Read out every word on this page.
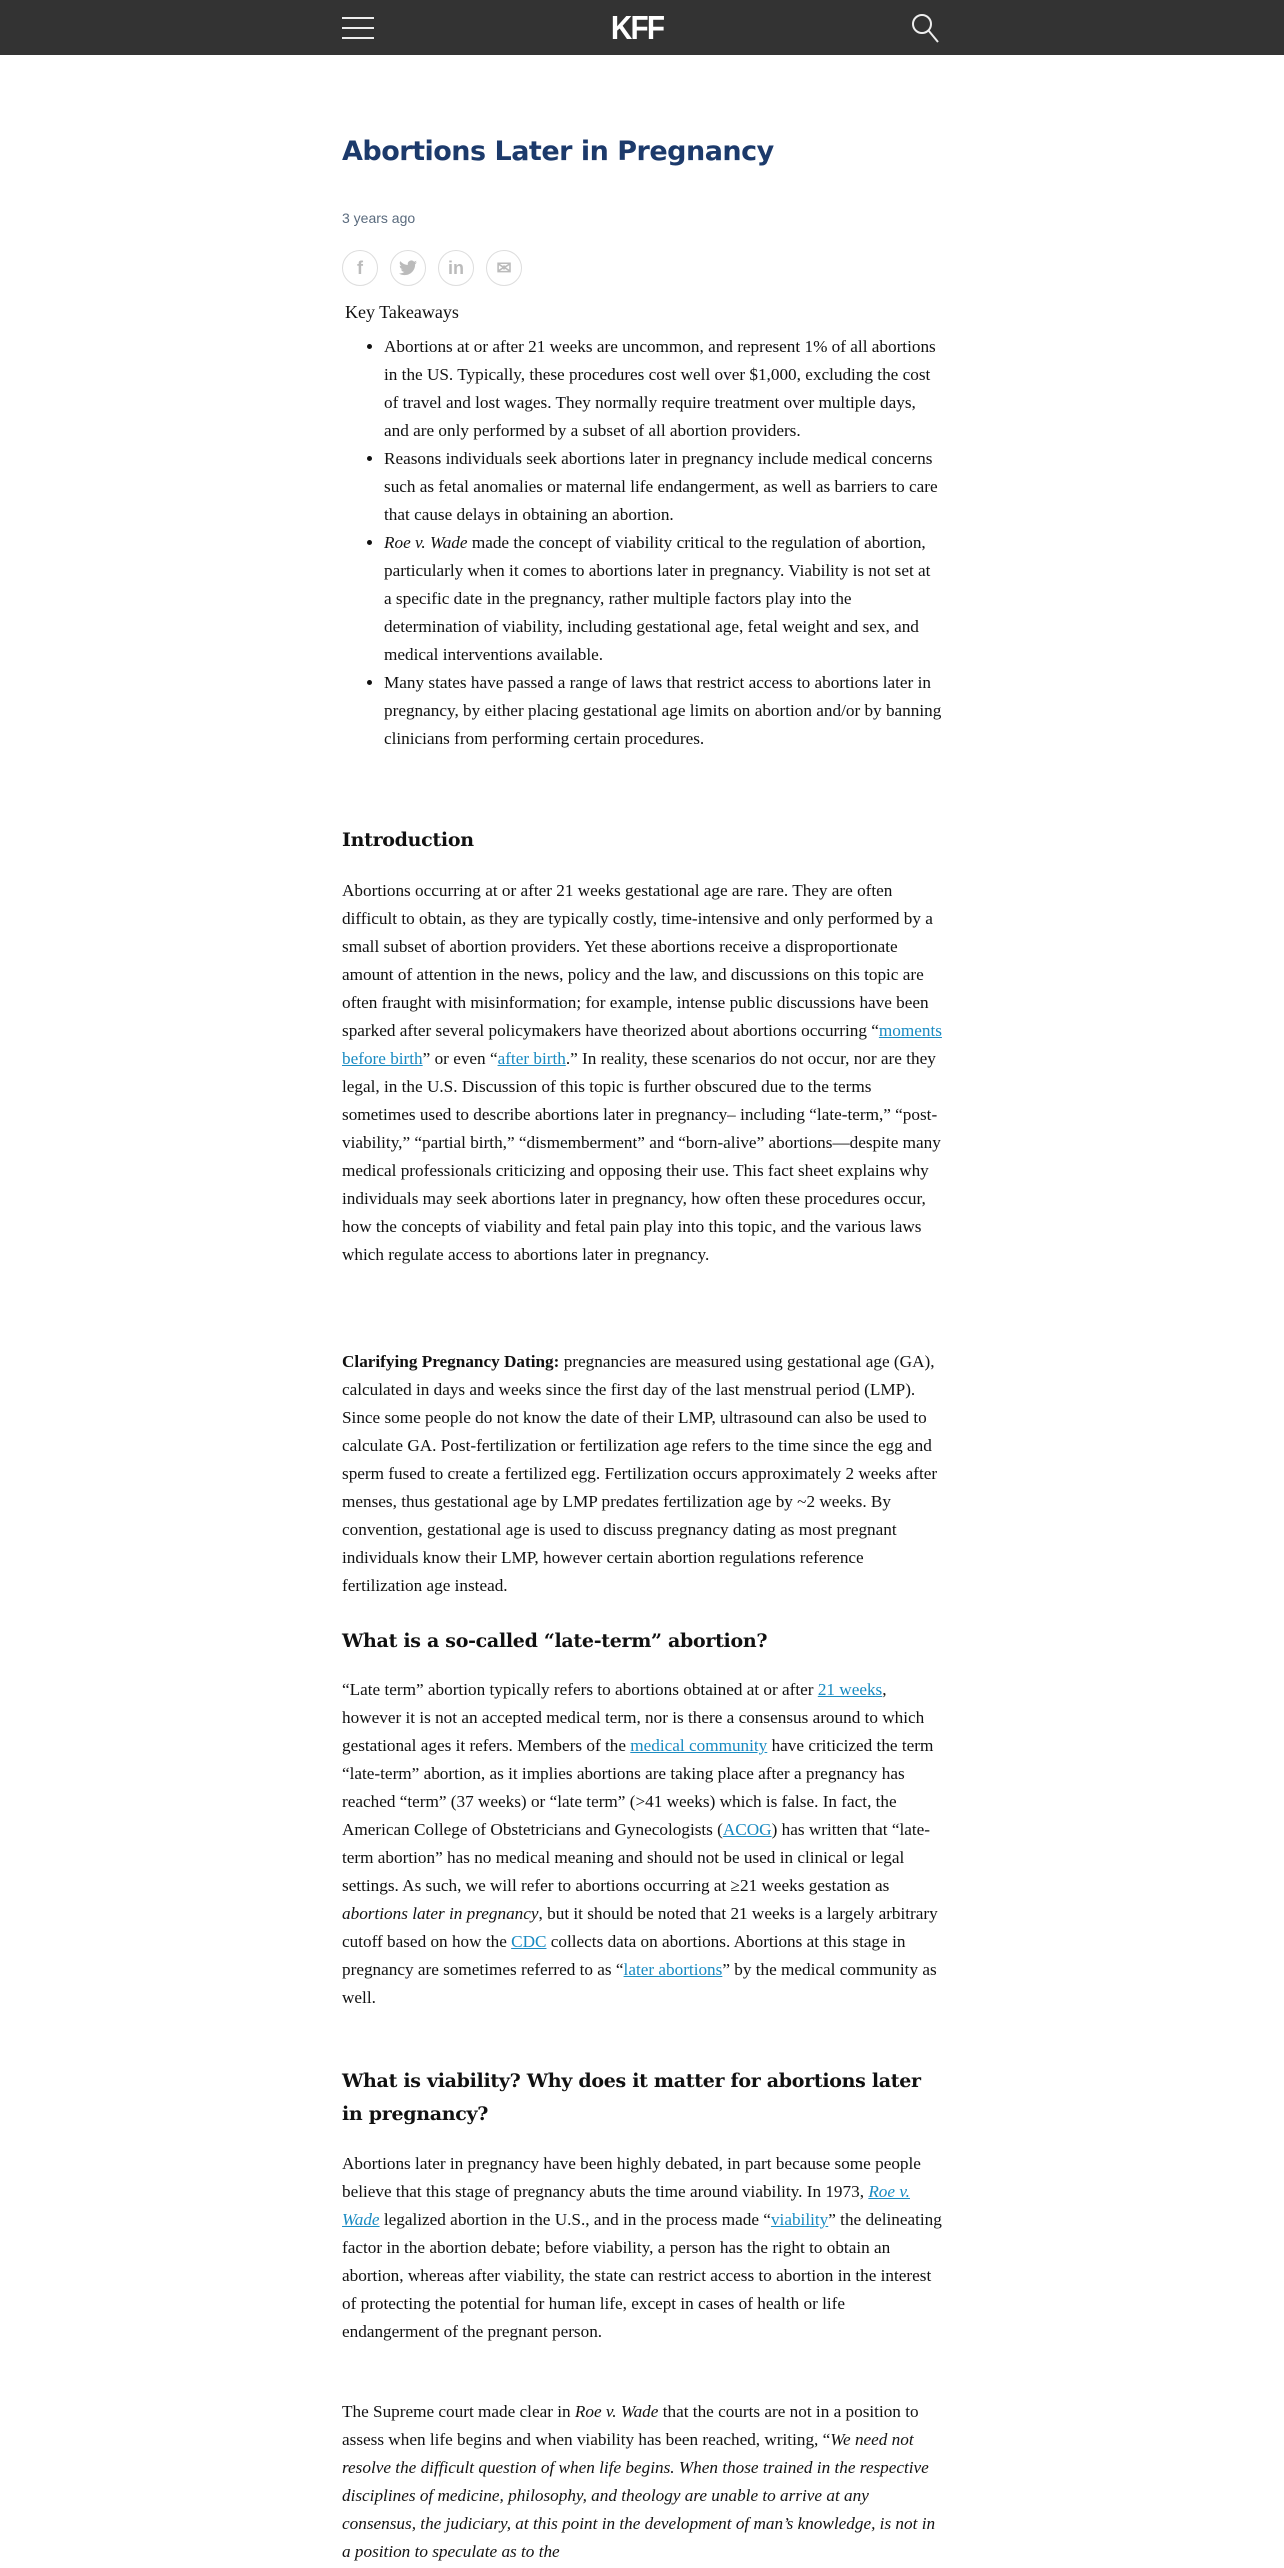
KFF
Abortions Later in Pregnancy
3 years ago
f	in	✉
Key Takeaways
• Abortions at or after 21 weeks are uncommon, and represent 1% of all abortions in the US. Typically, these procedures cost well over $1,000, excluding the cost of travel and lost wages. They normally require treatment over multiple days, and are only performed by a subset of all abortion providers.
• Reasons individuals seek abortions later in pregnancy include medical concerns such as fetal anomalies or maternal life endangerment, as well as barriers to care that cause delays in obtaining an abortion.
• Roe v. Wade made the concept of viability critical to the regulation of abortion, particularly when it comes to abortions later in pregnancy. Viability is not set at a specific date in the pregnancy, rather multiple factors play into the determination of viability, including gestational age, fetal weight and sex, and medical interventions available.
• Many states have passed a range of laws that restrict access to abortions later in pregnancy, by either placing gestational age limits on abortion and/or by banning clinicians from performing certain procedures.
Introduction

Abortions occurring at or after 21 weeks gestational age are rare. They are often difficult to obtain, as they are typically costly, time-intensive and only performed by a small subset of abortion providers. Yet these abortions receive a disproportionate amount of attention in the news, policy and the law, and discussions on this topic are often fraught with misinformation; for example, intense public discussions have been sparked after several policymakers have theorized about abortions occurring “moments before birth” or even “after birth.” In reality, these scenarios do not occur, nor are they legal, in the U.S. Discussion of this topic is further obscured due to the terms sometimes used to describe abortions later in pregnancy– including “late-term,” “post-viability,” “partial birth,” “dismemberment” and “born-alive” abortions—despite many medical professionals criticizing and opposing their use. This fact sheet explains why individuals may seek abortions later in pregnancy, how often these procedures occur, how the concepts of viability and fetal pain play into this topic, and the various laws which regulate access to abortions later in pregnancy.

Clarifying Pregnancy Dating: pregnancies are measured using gestational age (GA), calculated in days and weeks since the first day of the last menstrual period (LMP). Since some people do not know the date of their LMP, ultrasound can also be used to calculate GA. Post-fertilization or fertilization age refers to the time since the egg and sperm fused to create a fertilized egg. Fertilization occurs approximately 2 weeks after menses, thus gestational age by LMP predates fertilization age by ~2 weeks. By convention, gestational age is used to discuss pregnancy dating as most pregnant individuals know their LMP, however certain abortion regulations reference fertilization age instead.

What is a so-called “late-term” abortion?

“Late term” abortion typically refers to abortions obtained at or after 21 weeks, however it is not an accepted medical term, nor is there a consensus around to which gestational ages it refers. Members of the medical community have criticized the term “late-term” abortion, as it implies abortions are taking place after a pregnancy has reached “term” (37 weeks) or “late term” (>41 weeks) which is false. In fact, the American College of Obstetricians and Gynecologists (ACOG) has written that “late-term abortion” has no medical meaning and should not be used in clinical or legal settings. As such, we will refer to abortions occurring at ≥21 weeks gestation as abortions later in pregnancy, but it should be noted that 21 weeks is a largely arbitrary cutoff based on how the CDC collects data on abortions. Abortions at this stage in pregnancy are sometimes referred to as “later abortions” by the medical community as well.

What is viability? Why does it matter for abortions later in pregnancy?

Abortions later in pregnancy have been highly debated, in part because some people believe that this stage of pregnancy abuts the time around viability. In 1973, Roe v. Wade legalized abortion in the U.S., and in the process made “viability” the delineating factor in the abortion debate; before viability, a person has the right to obtain an abortion, whereas after viability, the state can restrict access to abortion in the interest of protecting the potential for human life, except in cases of health or life endangerment of the pregnant person.

The Supreme court made clear in Roe v. Wade that the courts are not in a position to assess when life begins and when viability has been reached, writing, “We need not resolve the difficult question of when life begins. When those trained in the respective disciplines of medicine, philosophy, and theology are unable to arrive at any consensus, the judiciary, at this point in the development of man’s knowledge, is not in a position to speculate as to the
